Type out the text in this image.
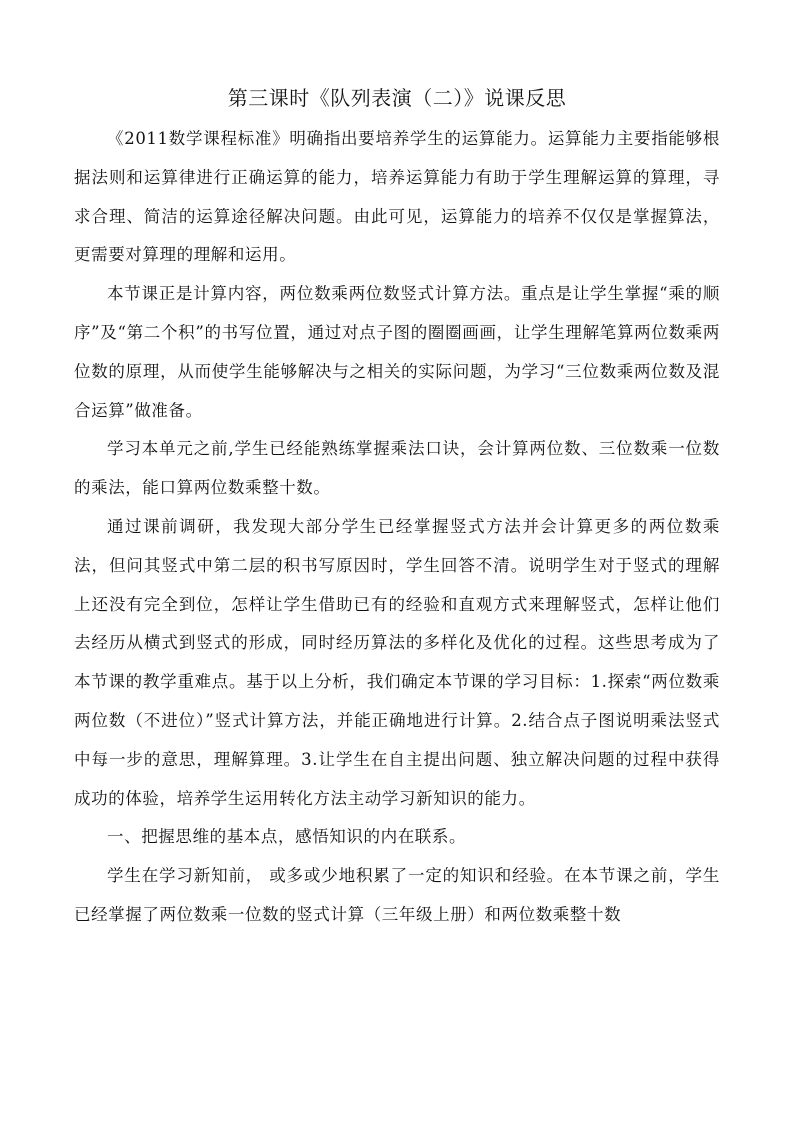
第三课时《队列表演（二）》说课反思

《2011数学课程标准》明确指出要培养学生的运算能力。运算能力主要指能够根据法则和运算律进行正确运算的能力，培养运算能力有助于学生理解运算的算理，寻求合理、简洁的运算途径解决问题。由此可见，运算能力的培养不仅仅是掌握算法，更需要对算理的理解和运用。

本节课正是计算内容，两位数乘两位数竖式计算方法。重点是让学生掌握“乘的顺序”及“第二个积”的书写位置，通过对点子图的圈圈画画，让学生理解笔算两位数乘两位数的原理，从而使学生能够解决与之相关的实际问题，为学习“三位数乘两位数及混合运算”做准备。

学习本单元之前,学生已经能熟练掌握乘法口诀，会计算两位数、三位数乘一位数的乘法，能口算两位数乘整十数。

通过课前调研，我发现大部分学生已经掌握竖式方法并会计算更多的两位数乘法，但问其竖式中第二层的积书写原因时，学生回答不清。说明学生对于竖式的理解上还没有完全到位，怎样让学生借助已有的经验和直观方式来理解竖式，怎样让他们去经历从横式到竖式的形成，同时经历算法的多样化及优化的过程。这些思考成为了本节课的教学重难点。基于以上分析，我们确定本节课的学习目标：1.探索“两位数乘两位数（不进位）”竖式计算方法，并能正确地进行计算。2.结合点子图说明乘法竖式中每一步的意思，理解算理。3.让学生在自主提出问题、独立解决问题的过程中获得成功的体验，培养学生运用转化方法主动学习新知识的能力。

一、把握思维的基本点，感悟知识的内在联系。

学生在学习新知前， 或多或少地积累了一定的知识和经验。在本节课之前，学生已经掌握了两位数乘一位数的竖式计算（三年级上册）和两位数乘整十数
